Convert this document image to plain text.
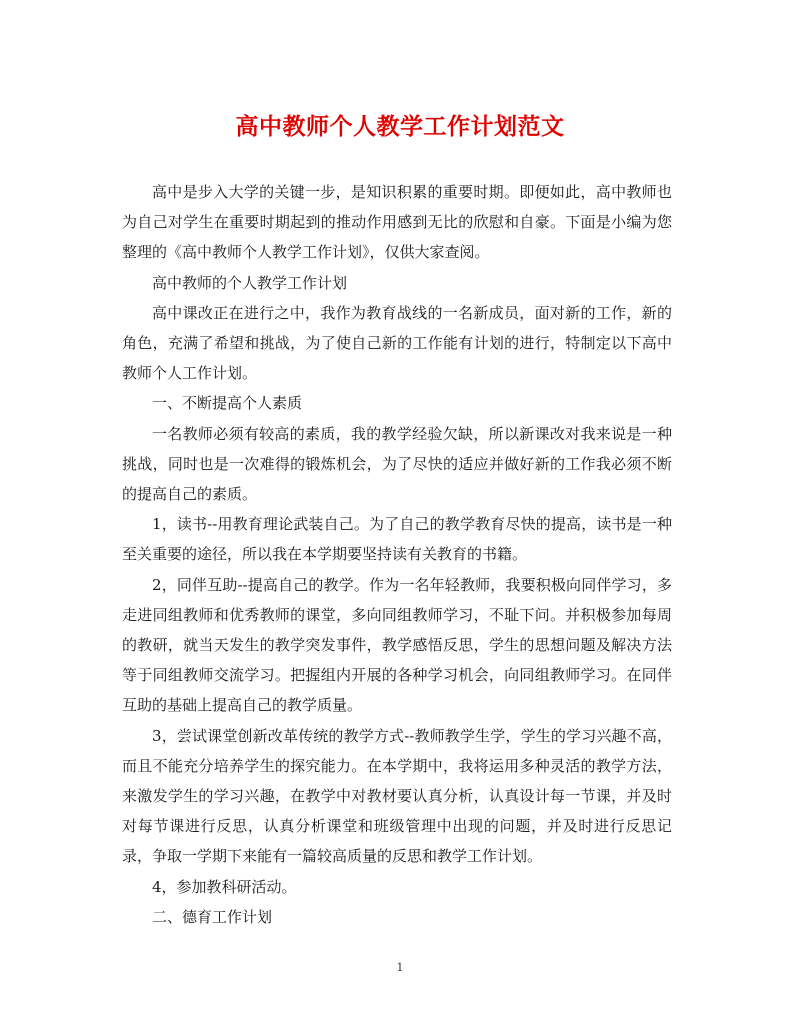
高中教师个人教学工作计划范文

高中是步入大学的关键一步，是知识积累的重要时期。即便如此，高中教师也为自己对学生在重要时期起到的推动作用感到无比的欣慰和自豪。下面是小编为您整理的《高中教师个人教学工作计划》，仅供大家查阅。

高中教师的个人教学工作计划

高中课改正在进行之中，我作为教育战线的一名新成员，面对新的工作，新的角色，充满了希望和挑战，为了使自己新的工作能有计划的进行，特制定以下高中教师个人工作计划。

一、不断提高个人素质

一名教师必须有较高的素质，我的教学经验欠缺，所以新课改对我来说是一种挑战，同时也是一次难得的锻炼机会，为了尽快的适应并做好新的工作我必须不断的提高自己的素质。

1，读书--用教育理论武装自己。为了自己的教学教育尽快的提高，读书是一种至关重要的途径，所以我在本学期要坚持读有关教育的书籍。

2，同伴互助--提高自己的教学。作为一名年轻教师，我要积极向同伴学习，多走进同组教师和优秀教师的课堂，多向同组教师学习，不耻下问。并积极参加每周的教研，就当天发生的教学突发事件，教学感悟反思，学生的思想问题及解决方法等于同组教师交流学习。把握组内开展的各种学习机会，向同组教师学习。在同伴互助的基础上提高自己的教学质量。

3，尝试课堂创新改革传统的教学方式--教师教学生学，学生的学习兴趣不高，而且不能充分培养学生的探究能力。在本学期中，我将运用多种灵活的教学方法，来激发学生的学习兴趣，在教学中对教材要认真分析，认真设计每一节课，并及时对每节课进行反思，认真分析课堂和班级管理中出现的问题，并及时进行反思记录，争取一学期下来能有一篇较高质量的反思和教学工作计划。

4，参加教科研活动。

二、德育工作计划

1
